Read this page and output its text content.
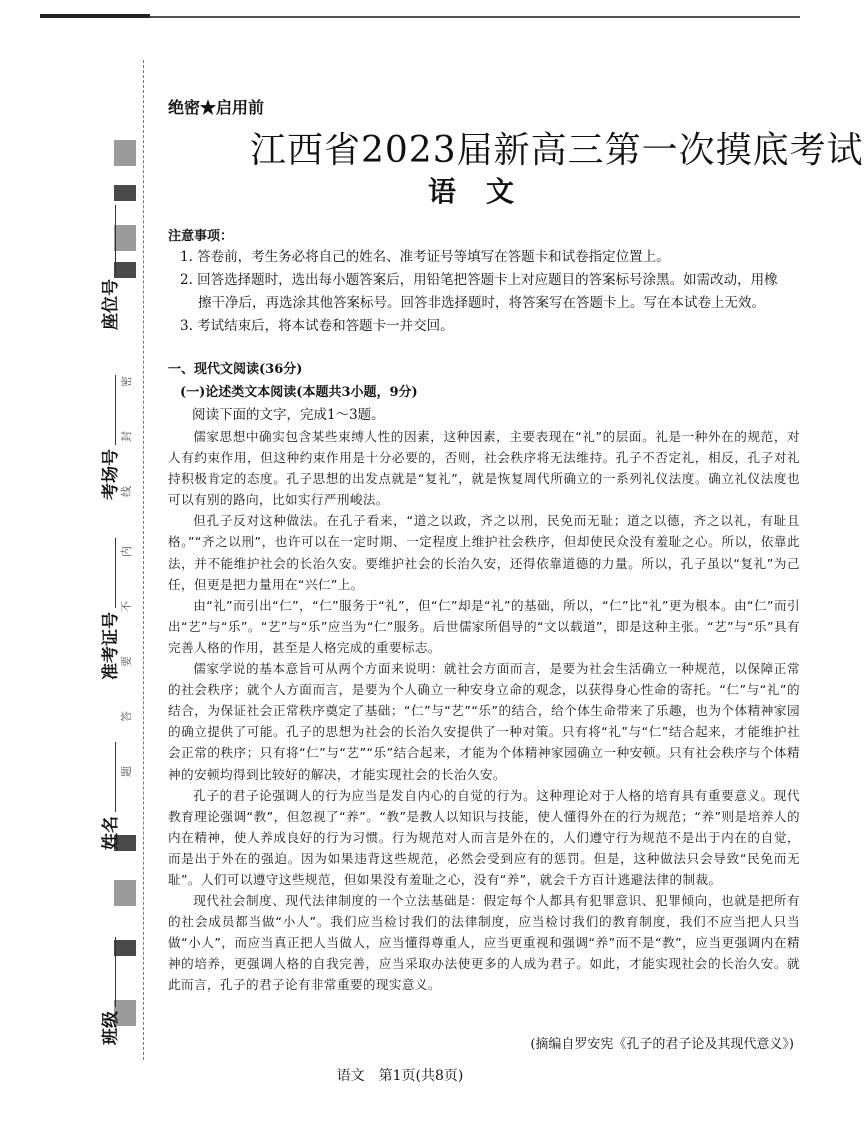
密
封
线
内
不
要
答
题
座位号
考场号
准考证号
姓名
班级
绝密★启用前
江西省2023届新高三第一次摸底考试
语文
注意事项：

1. 答卷前，考生务必将自己的姓名、准考证号等填写在答题卡和试卷指定位置上。

2. 回答选择题时，选出每小题答案后，用铅笔把答题卡上对应题目的答案标号涂黑。如需改动，用橡

擦干净后，再选涂其他答案标号。回答非选择题时，将答案写在答题卡上。写在本试卷上无效。

3. 考试结束后，将本试卷和答题卡一并交回。

一、现代文阅读(36分)
(一)论述类文本阅读(本题共3小题，9分)
阅读下面的文字，完成1～3题。

儒家思想中确实包含某些束缚人性的因素，这种因素，主要表现在“礼”的层面。礼是一种外在的规范，对人有约束作用，但这种约束作用是十分必要的，否则，社会秩序将无法维持。孔子不否定礼，相反，孔子对礼持积极肯定的态度。孔子思想的出发点就是“复礼”，就是恢复周代所确立的一系列礼仪法度。确立礼仪法度也可以有别的路向，比如实行严刑峻法。

但孔子反对这种做法。在孔子看来，“道之以政，齐之以刑，民免而无耻；道之以德，齐之以礼，有耻且格。”“齐之以刑”，也许可以在一定时期、一定程度上维护社会秩序，但却使民众没有羞耻之心。所以，依靠此法，并不能维护社会的长治久安。要维护社会的长治久安，还得依靠道德的力量。所以，孔子虽以“复礼”为己任，但更是把力量用在“兴仁”上。

由“礼”而引出“仁”，“仁”服务于“礼”，但“仁”却是“礼”的基础，所以，“仁”比“礼”更为根本。由“仁”而引出“艺”与“乐”。“艺”与“乐”应当为“仁”服务。后世儒家所倡导的“文以载道”，即是这种主张。“艺”与“乐”具有完善人格的作用，甚至是人格完成的重要标志。

儒家学说的基本意旨可从两个方面来说明：就社会方面而言，是要为社会生活确立一种规范，以保障正常的社会秩序；就个人方面而言，是要为个人确立一种安身立命的观念，以获得身心性命的寄托。“仁”与“礼”的结合，为保证社会正常秩序奠定了基础；“仁”与“艺”“乐”的结合，给个体生命带来了乐趣，也为个体精神家园的确立提供了可能。孔子的思想为社会的长治久安提供了一种对策。只有将“礼”与“仁”结合起来，才能维护社会正常的秩序；只有将“仁”与“艺”“乐”结合起来，才能为个体精神家园确立一种安顿。只有社会秩序与个体精神的安顿均得到比较好的解决，才能实现社会的长治久安。

孔子的君子论强调人的行为应当是发自内心的自觉的行为。这种理论对于人格的培育具有重要意义。现代教育理论强调“教”，但忽视了“养”。“教”是教人以知识与技能，使人懂得外在的行为规范；“养”则是培养人的内在精神，使人养成良好的行为习惯。行为规范对人而言是外在的，人们遵守行为规范不是出于内在的自觉，而是出于外在的强迫。因为如果违背这些规范，必然会受到应有的惩罚。但是，这种做法只会导致“民免而无耻”。人们可以遵守这些规范，但如果没有羞耻之心，没有“养”，就会千方百计逃避法律的制裁。

现代社会制度、现代法律制度的一个立法基础是：假定每个人都具有犯罪意识、犯罪倾向，也就是把所有的社会成员都当做“小人”。我们应当检讨我们的法律制度，应当检讨我们的教育制度，我们不应当把人只当做“小人”，而应当真正把人当做人，应当懂得尊重人，应当更重视和强调“养”而不是“教”，应当更强调内在精神的培养，更强调人格的自我完善，应当采取办法使更多的人成为君子。如此，才能实现社会的长治久安。就此而言，孔子的君子论有非常重要的现实意义。

(摘编自罗安宪《孔子的君子论及其现代意义》)
语文　第1页(共8页)
